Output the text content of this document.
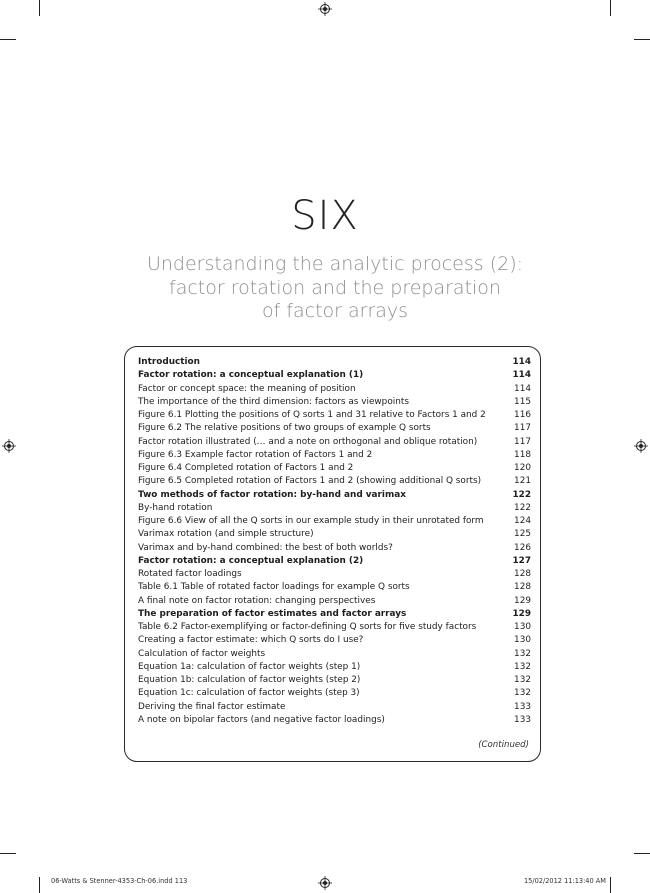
SIX
Understanding the analytic process (2):
factor rotation and the preparation
of factor arrays
Introduction	114
Factor rotation: a conceptual explanation (1)	114
Factor or concept space: the meaning of position	114
The importance of the third dimension: factors as viewpoints	115
Figure 6.1 Plotting the positions of Q sorts 1 and 31 relative to Factors 1 and 2	116
Figure 6.2 The relative positions of two groups of example Q sorts	117
Factor rotation illustrated (… and a note on orthogonal and oblique rotation)	117
Figure 6.3 Example factor rotation of Factors 1 and 2	118
Figure 6.4 Completed rotation of Factors 1 and 2	120
Figure 6.5 Completed rotation of Factors 1 and 2 (showing additional Q sorts)	121
Two methods of factor rotation: by-hand and varimax	122
By-hand rotation	122
Figure 6.6 View of all the Q sorts in our example study in their unrotated form	124
Varimax rotation (and simple structure)	125
Varimax and by-hand combined: the best of both worlds?	126
Factor rotation: a conceptual explanation (2)	127
Rotated factor loadings	128
Table 6.1 Table of rotated factor loadings for example Q sorts	128
A final note on factor rotation: changing perspectives	129
The preparation of factor estimates and factor arrays	129
Table 6.2 Factor-exemplifying or factor-defining Q sorts for five study factors	130
Creating a factor estimate: which Q sorts do I use?	130
Calculation of factor weights	132
Equation 1a: calculation of factor weights (step 1)	132
Equation 1b: calculation of factor weights (step 2)	132
Equation 1c: calculation of factor weights (step 3)	132
Deriving the final factor estimate	133
A note on bipolar factors (and negative factor loadings)	133
(Continued)
06-Watts & Stenner-4353-Ch-06.indd 113	15/02/2012 11:13:40 AM
